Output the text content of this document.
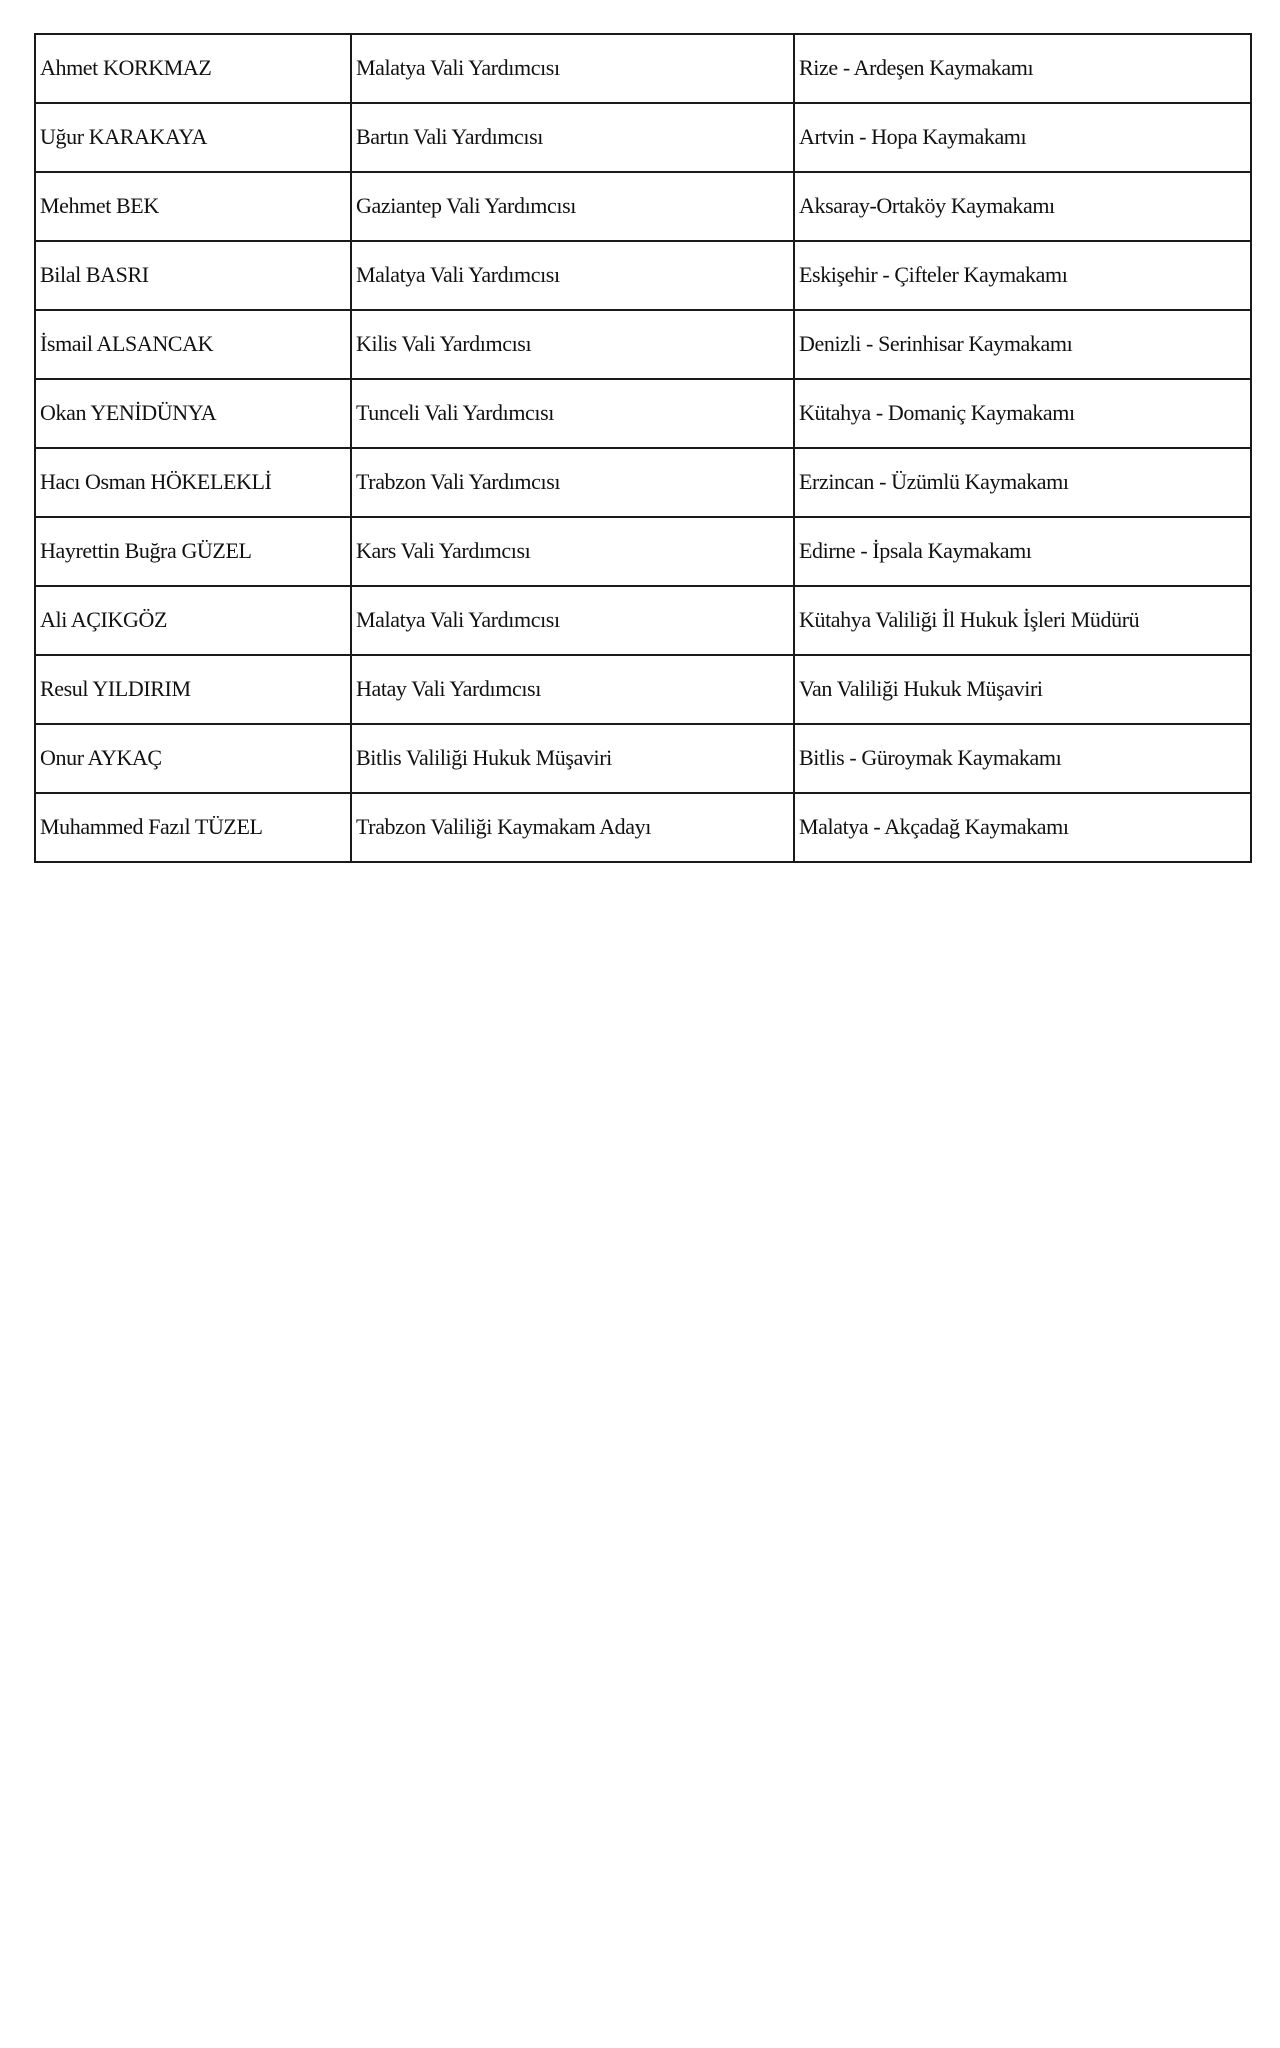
Ahmet KORKMAZ	Malatya Vali Yardımcısı	Rize - Ardeşen Kaymakamı
Uğur KARAKAYA	Bartın Vali Yardımcısı	Artvin - Hopa Kaymakamı
Mehmet BEK	Gaziantep Vali Yardımcısı	Aksaray-Ortaköy Kaymakamı
Bilal BASRI	Malatya Vali Yardımcısı	Eskişehir - Çifteler Kaymakamı
İsmail ALSANCAK	Kilis Vali Yardımcısı	Denizli - Serinhisar Kaymakamı
Okan YENİDÜNYA	Tunceli Vali Yardımcısı	Kütahya - Domaniç Kaymakamı
Hacı Osman HÖKELEKLİ	Trabzon Vali Yardımcısı	Erzincan - Üzümlü Kaymakamı
Hayrettin Buğra GÜZEL	Kars Vali Yardımcısı	Edirne - İpsala Kaymakamı
Ali AÇIKGÖZ	Malatya Vali Yardımcısı	Kütahya Valiliği İl Hukuk İşleri Müdürü
Resul YILDIRIM	Hatay Vali Yardımcısı	Van Valiliği Hukuk Müşaviri
Onur AYKAÇ	Bitlis Valiliği Hukuk Müşaviri	Bitlis - Güroymak Kaymakamı
Muhammed Fazıl TÜZEL	Trabzon Valiliği Kaymakam Adayı	Malatya - Akçadağ Kaymakamı
